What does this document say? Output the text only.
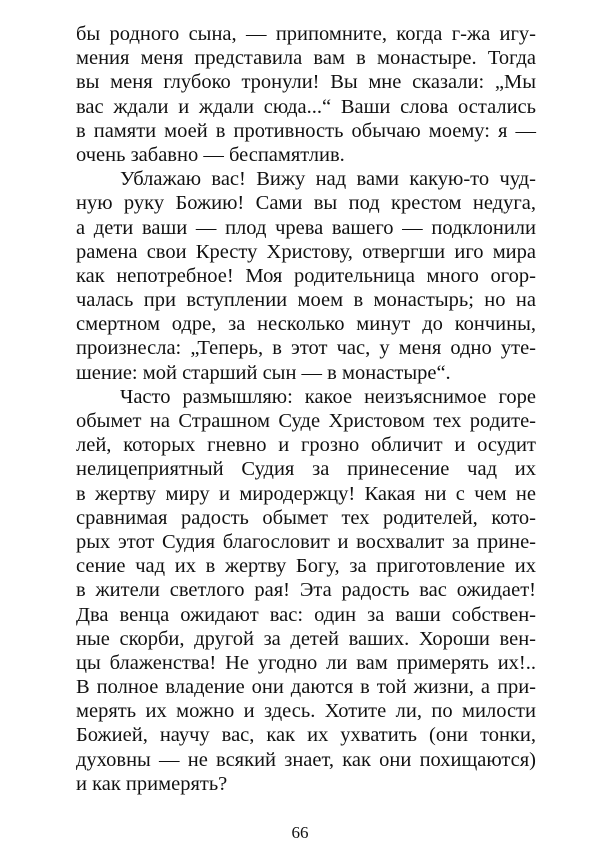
бы родного сына, — припомните, когда г-жа игу-
мения меня представила вам в монастыре. Тогда
вы меня глубоко тронули! Вы мне сказали: „Мы
вас ждали и ждали сюда...“ Ваши слова остались
в памяти моей в противность обычаю моему: я —
очень забавно — беспамятлив.
Ублажаю вас! Вижу над вами какую-то чуд-
ную руку Божию! Сами вы под крестом недуга,
а дети ваши — плод чрева вашего — подклонили
рамена свои Кресту Христову, отвергши иго мира
как непотребное! Моя родительница много огор-
чалась при вступлении моем в монастырь; но на
смертном одре, за несколько минут до кончины,
произнесла: „Теперь, в этот час, у меня одно уте-
шение: мой старший сын — в монастыре“.
Часто размышляю: какое неизъяснимое горе
обымет на Страшном Суде Христовом тех родите-
лей, которых гневно и грозно обличит и осудит
нелицеприятный Судия за принесение чад их
в жертву миру и миродержцу! Какая ни с чем не
сравнимая радость обымет тех родителей, кото-
рых этот Судия благословит и восхвалит за прине-
сение чад их в жертву Богу, за приготовление их
в жители светлого рая! Эта радость вас ожидает!
Два венца ожидают вас: один за ваши собствен-
ные скорби, другой за детей ваших. Хороши вен-
цы блаженства! Не угодно ли вам примерять их!..
В полное владение они даются в той жизни, а при-
мерять их можно и здесь. Хотите ли, по милости
Божией, научу вас, как их ухватить (они тонки,
духовны — не всякий знает, как они похищаются)
и как примерять?
66
